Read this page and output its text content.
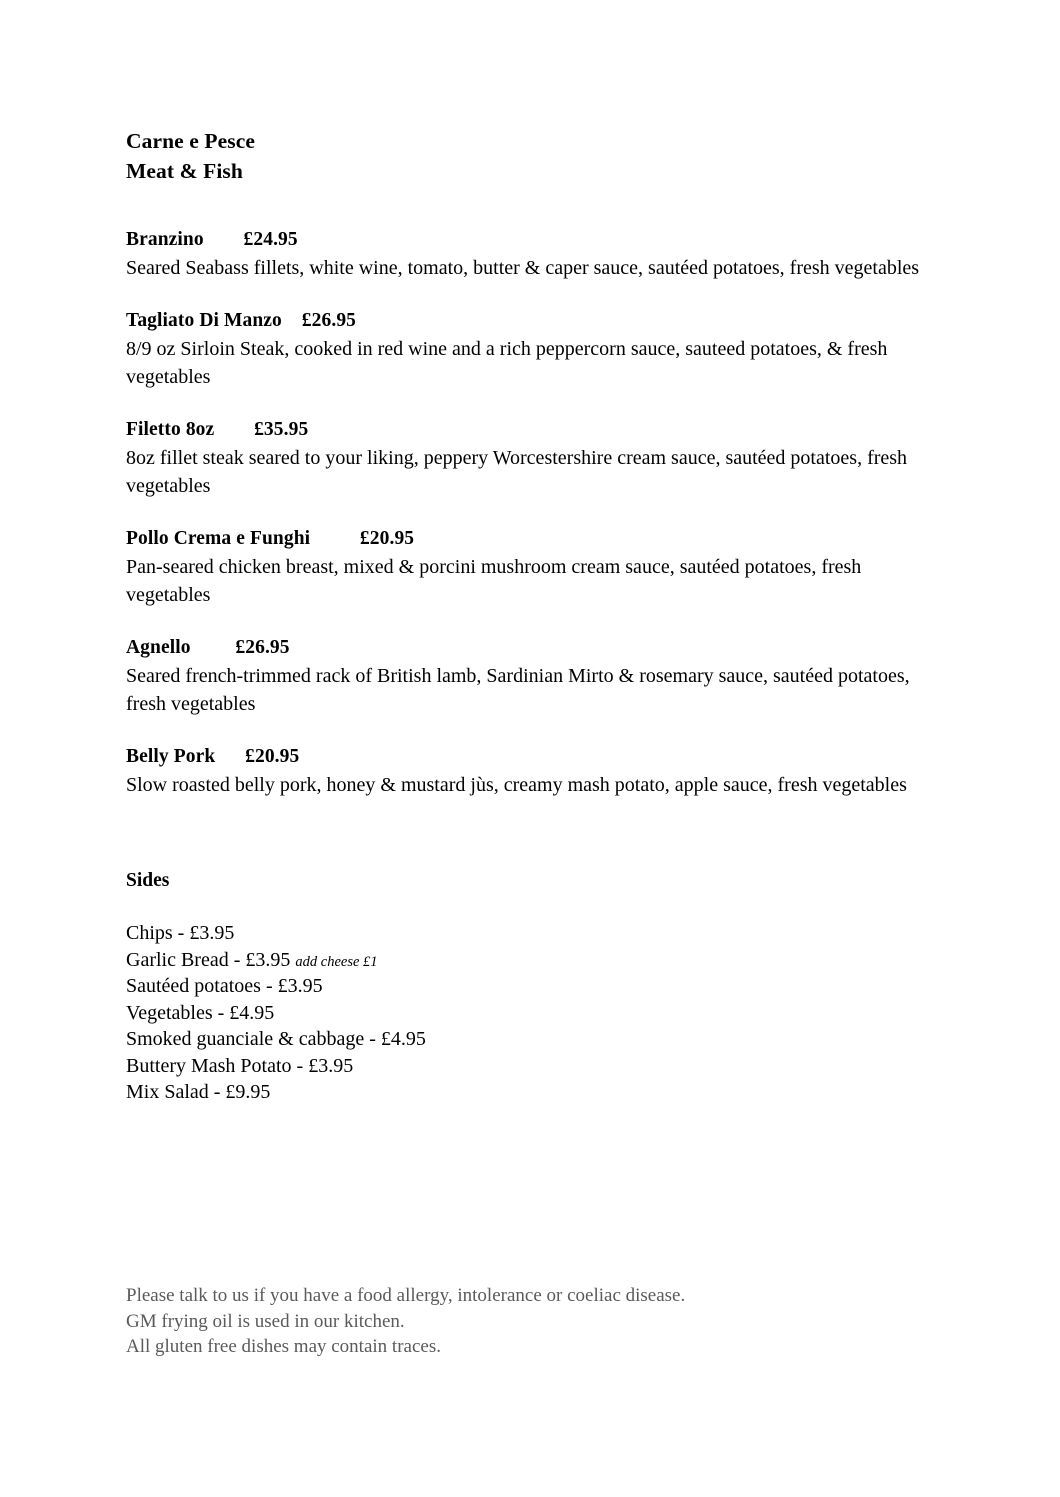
Carne e Pesce
Meat & Fish
Branzino        £24.95
Seared Seabass fillets, white wine, tomato, butter & caper sauce, sautéed potatoes, fresh vegetables
Tagliato Di Manzo    £26.95
8/9 oz Sirloin Steak, cooked in red wine and a rich peppercorn sauce, sauteed potatoes, & fresh vegetables
Filetto 8oz        £35.95
8oz fillet steak seared to your liking, peppery Worcestershire cream sauce, sautéed potatoes, fresh vegetables
Pollo Crema e Funghi          £20.95
Pan-seared chicken breast, mixed & porcini mushroom cream sauce, sautéed potatoes, fresh vegetables
Agnello         £26.95
Seared french-trimmed rack of British lamb, Sardinian Mirto & rosemary sauce, sautéed potatoes, fresh vegetables
Belly Pork      £20.95
Slow roasted belly pork, honey & mustard jùs, creamy mash potato, apple sauce, fresh vegetables
Sides
Chips - £3.95
Garlic Bread - £3.95 add cheese £1
Sautéed potatoes - £3.95
Vegetables - £4.95
Smoked guanciale & cabbage - £4.95
Buttery Mash Potato - £3.95
Mix Salad - £9.95
Please talk to us if you have a food allergy, intolerance or coeliac disease.
GM frying oil is used in our kitchen.
All gluten free dishes may contain traces.
